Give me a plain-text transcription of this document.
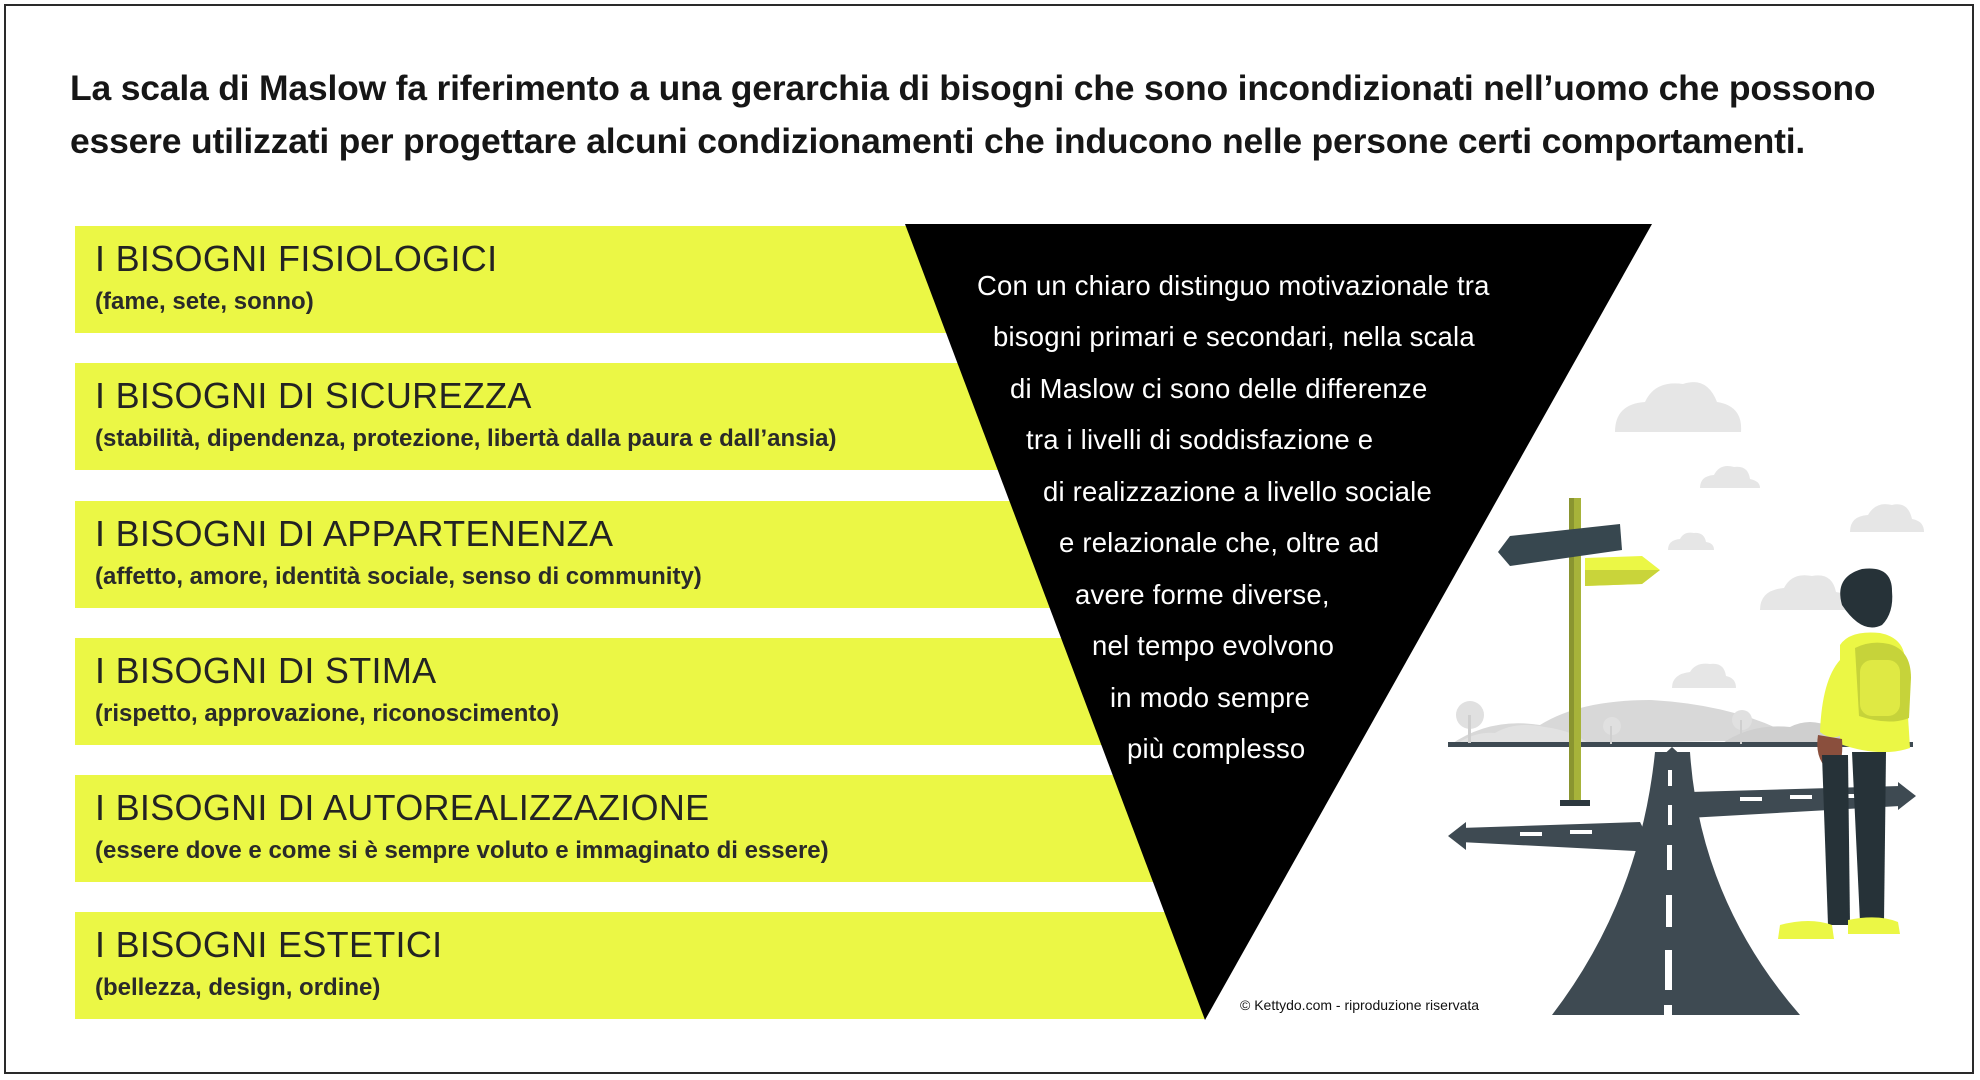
La scala di Maslow fa riferimento a una gerarchia di bisogni che sono incondizionati nell’uomo che possono
essere utilizzati per progettare alcuni condizionamenti che inducono nelle persone certi comportamenti.
I BISOGNI FISIOLOGICI
(fame, sete, sonno)
I BISOGNI DI SICUREZZA
(stabilità, dipendenza, protezione, libertà dalla paura e dall’ansia)
I BISOGNI DI APPARTENENZA
(affetto, amore, identità sociale, senso di community)
I BISOGNI DI STIMA
(rispetto, approvazione, riconoscimento)
I BISOGNI DI AUTOREALIZZAZIONE
(essere dove e come si è sempre voluto e immaginato di essere)
I BISOGNI ESTETICI
(bellezza, design, ordine)
Con un chiaro distinguo motivazionale tra
bisogni primari e secondari, nella scala
di Maslow ci sono delle differenze
tra i livelli di soddisfazione e
di realizzazione a livello sociale
e relazionale che, oltre ad
avere forme diverse,
nel tempo evolvono
in modo sempre
più complesso
© Kettydo.com - riproduzione riservata
